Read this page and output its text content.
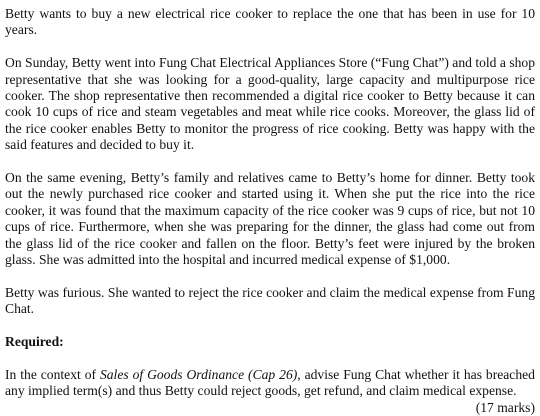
Betty wants to buy a new electrical rice cooker to replace the one that has been in use for 10 years.

On Sunday, Betty went into Fung Chat Electrical Appliances Store (“Fung Chat”) and told a shop representative that she was looking for a good-quality, large capacity and multipurpose rice cooker. The shop representative then recommended a digital rice cooker to Betty because it can cook 10 cups of rice and steam vegetables and meat while rice cooks. Moreover, the glass lid of the rice cooker enables Betty to monitor the progress of rice cooking. Betty was happy with the said features and decided to buy it.

On the same evening, Betty’s family and relatives came to Betty’s home for dinner. Betty took out the newly purchased rice cooker and started using it. When she put the rice into the rice cooker, it was found that the maximum capacity of the rice cooker was 9 cups of rice, but not 10 cups of rice. Furthermore, when she was preparing for the dinner, the glass had come out from the glass lid of the rice cooker and fallen on the floor. Betty’s feet were injured by the broken glass. She was admitted into the hospital and incurred medical expense of $1,000.

Betty was furious. She wanted to reject the rice cooker and claim the medical expense from Fung Chat.

Required:

In the context of Sales of Goods Ordinance (Cap 26), advise Fung Chat whether it has breached any implied term(s) and thus Betty could reject goods, get refund, and claim medical expense.

(17 marks)
